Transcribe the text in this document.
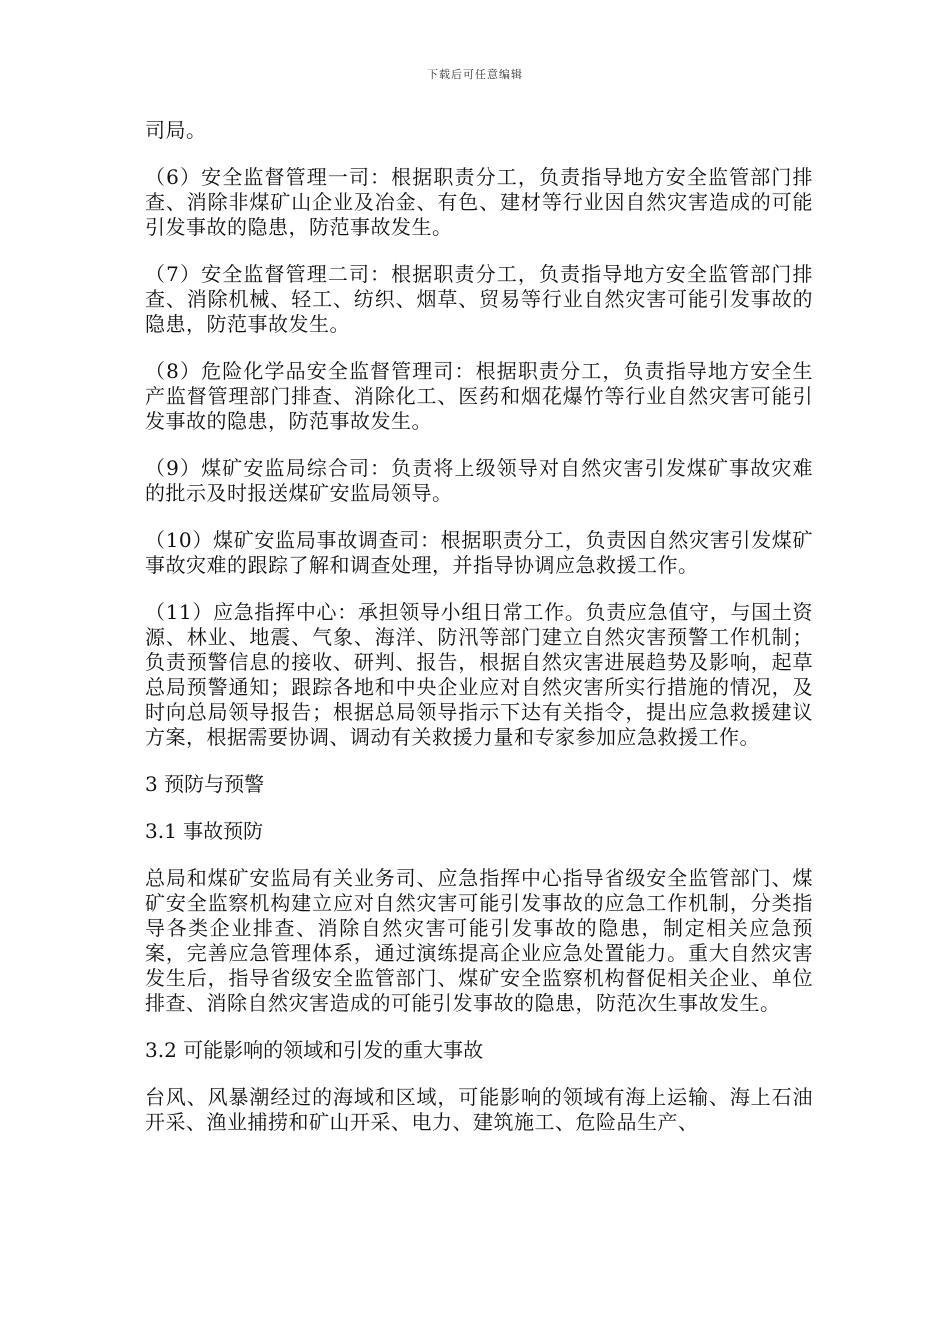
下载后可任意编辑

司局。

（6）安全监督管理一司：根据职责分工，负责指导地方安全监管部门排查、消除非煤矿山企业及冶金、有色、建材等行业因自然灾害造成的可能引发事故的隐患，防范事故发生。

（7）安全监督管理二司：根据职责分工，负责指导地方安全监管部门排查、消除机械、轻工、纺织、烟草、贸易等行业自然灾害可能引发事故的隐患，防范事故发生。

（8）危险化学品安全监督管理司：根据职责分工，负责指导地方安全生产监督管理部门排查、消除化工、医药和烟花爆竹等行业自然灾害可能引发事故的隐患，防范事故发生。

（9）煤矿安监局综合司：负责将上级领导对自然灾害引发煤矿事故灾难的批示及时报送煤矿安监局领导。

（10）煤矿安监局事故调查司：根据职责分工，负责因自然灾害引发煤矿事故灾难的跟踪了解和调查处理，并指导协调应急救援工作。

（11）应急指挥中心：承担领导小组日常工作。负责应急值守，与国土资源、林业、地震、气象、海洋、防汛等部门建立自然灾害预警工作机制；负责预警信息的接收、研判、报告，根据自然灾害进展趋势及影响，起草总局预警通知；跟踪各地和中央企业应对自然灾害所实行措施的情况，及时向总局领导报告；根据总局领导指示下达有关指令，提出应急救援建议方案，根据需要协调、调动有关救援力量和专家参加应急救援工作。

3 预防与预警

3.1 事故预防

总局和煤矿安监局有关业务司、应急指挥中心指导省级安全监管部门、煤矿安全监察机构建立应对自然灾害可能引发事故的应急工作机制，分类指导各类企业排查、消除自然灾害可能引发事故的隐患，制定相关应急预案，完善应急管理体系，通过演练提高企业应急处置能力。重大自然灾害发生后，指导省级安全监管部门、煤矿安全监察机构督促相关企业、单位排查、消除自然灾害造成的可能引发事故的隐患，防范次生事故发生。

3.2 可能影响的领域和引发的重大事故

台风、风暴潮经过的海域和区域，可能影响的领域有海上运输、海上石油开采、渔业捕捞和矿山开采、电力、建筑施工、危险品生产、
